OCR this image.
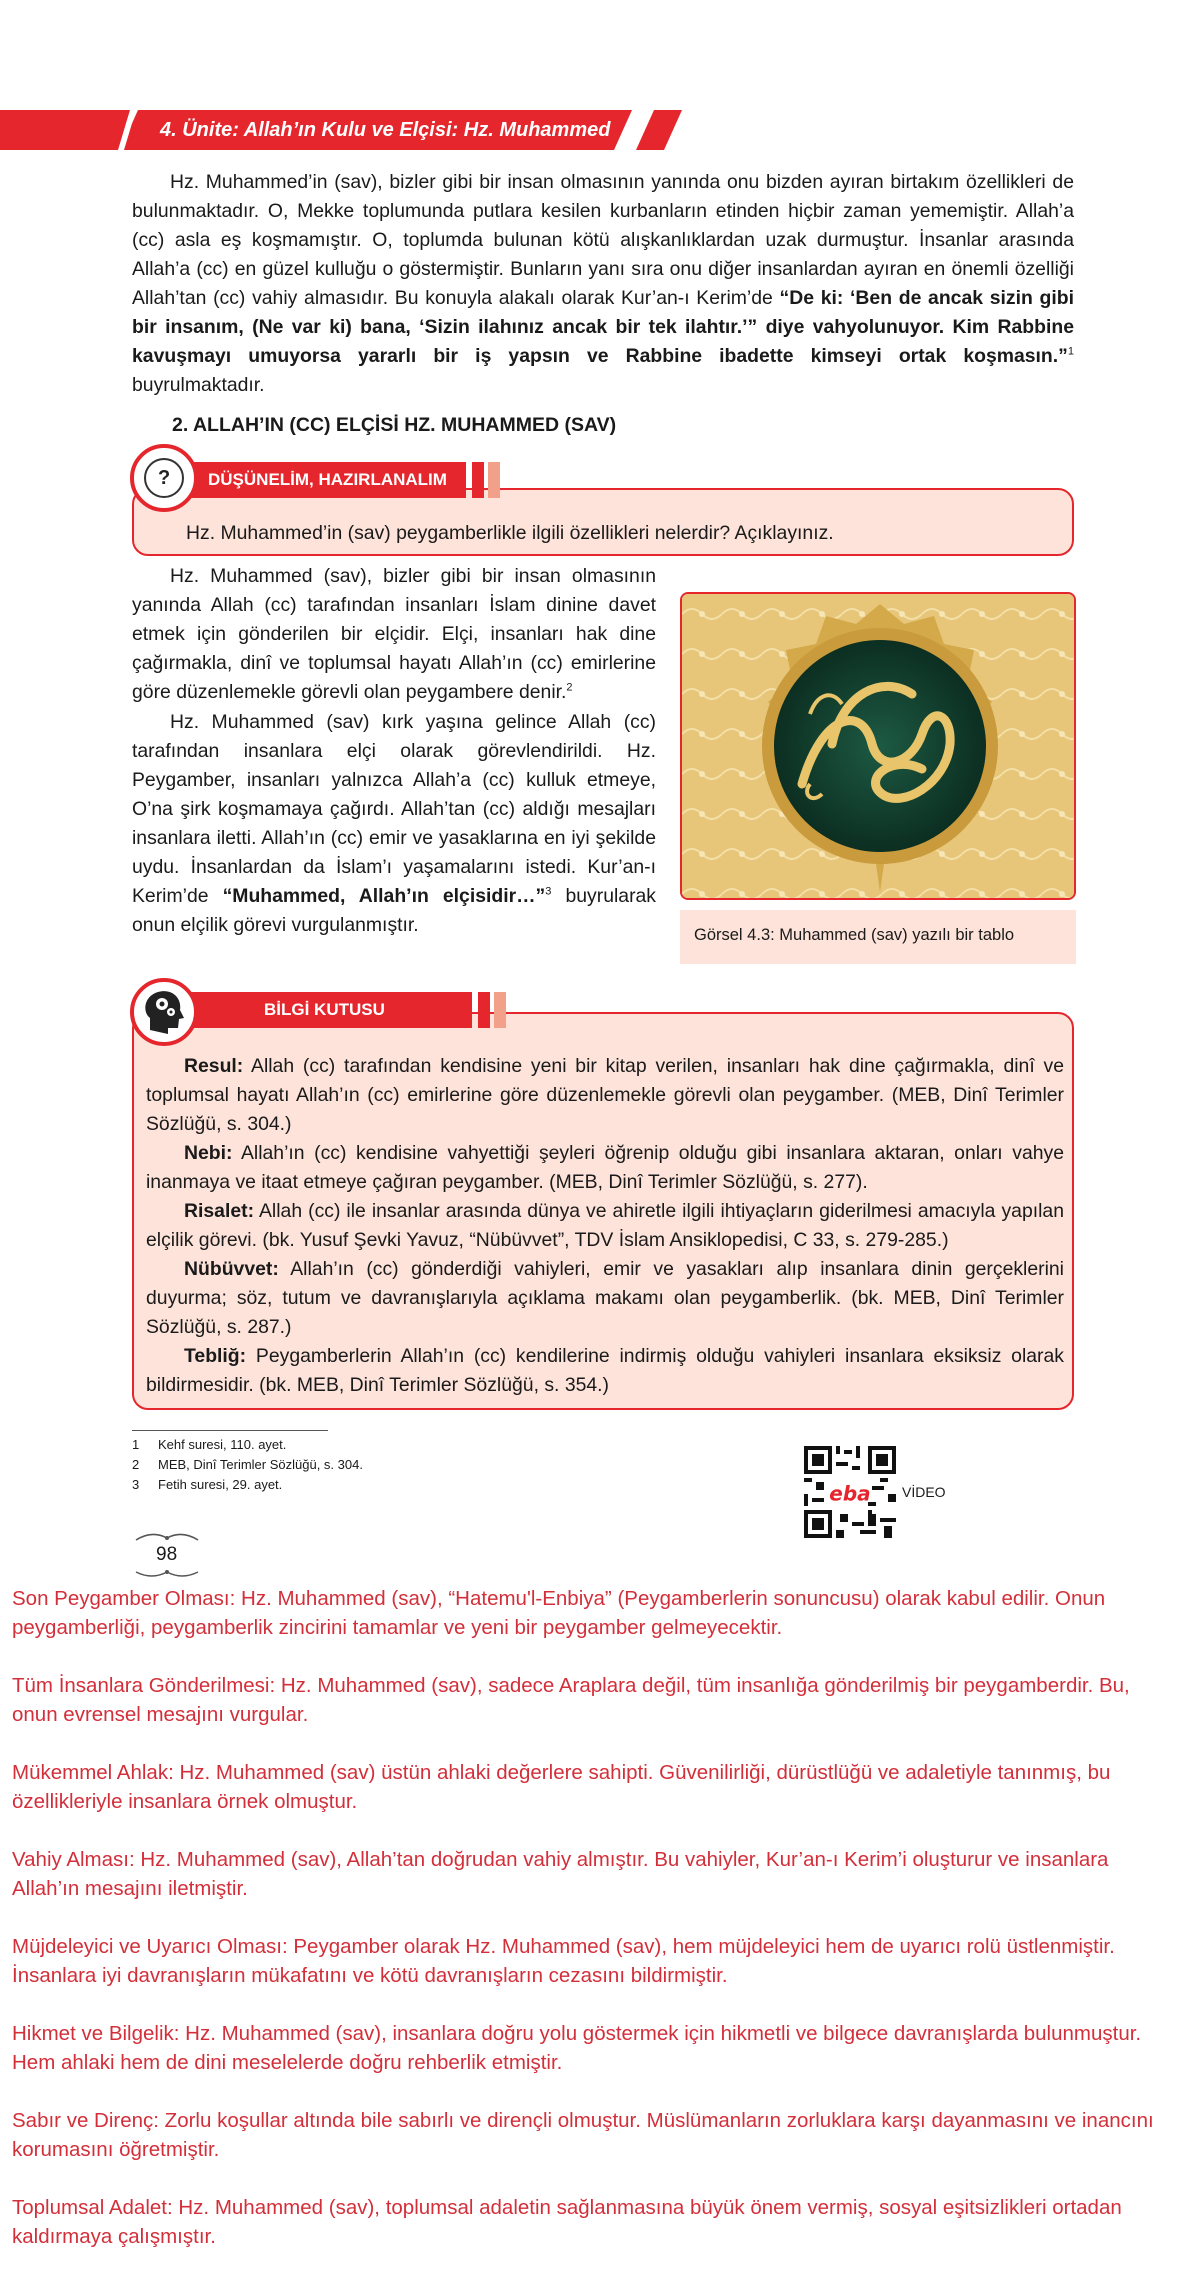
4. Ünite: Allah’ın Kulu ve Elçisi: Hz. Muhammed
Hz. Muhammed’in (sav), bizler gibi bir insan olmasının yanında onu bizden ayıran birtakım özellikleri de bulunmaktadır. O, Mekke toplumunda putlara kesilen kurbanların etinden hiçbir zaman yememiştir. Allah’a (cc) asla eş koşmamıştır. O, toplumda bulunan kötü alışkanlıklardan uzak durmuştur. İnsanlar arasında Allah’a (cc) en güzel kulluğu o göstermiştir. Bunların yanı sıra onu diğer insanlardan ayıran en önemli özelliği Allah’tan (cc) vahiy almasıdır. Bu konuyla alakalı olarak Kur’an-ı Kerim’de “De ki: ‘Ben de ancak sizin gibi bir insanım, (Ne var ki) bana, ‘Sizin ilahınız ancak bir tek ilahtır.’” diye vahyolunuyor. Kim Rabbine kavuşmayı umuyorsa yararlı bir iş yapsın ve Rabbine ibadette kimseyi ortak koşmasın.”$^1$ buyrulmaktadır.
2. ALLAH’IN (CC) ELÇİSİ HZ. MUHAMMED (SAV)
DÜŞÜNELİM, HAZIRLANALIM
?
Hz. Muhammed’in (sav) peygamberlikle ilgili özellikleri nelerdir? Açıklayınız.
Hz. Muhammed (sav), bizler gibi bir insan olmasının yanında Allah (cc) tarafından insanları İslam dinine davet etmek için gönderilen bir elçidir. Elçi, insanları hak dine çağırmakla, dinî ve toplumsal hayatı Allah’ın (cc) emirlerine göre düzenlemekle görevli olan peygambere denir.$^2$
Hz. Muhammed (sav) kırk yaşına gelince Allah (cc) tarafından insanlara elçi olarak görevlendirildi. Hz. Peygamber, insanları yalnızca Allah’a (cc) kulluk etmeye, O’na şirk koşmamaya çağırdı. Allah’tan (cc) aldığı mesajları insanlara iletti. Allah’ın (cc) emir ve yasaklarına en iyi şekilde uydu. İnsanlardan da İslam’ı yaşamalarını istedi. Kur’an-ı Kerim’de “Muhammed, Allah’ın elçisidir…”$^3$ buyrularak onun elçilik görevi vurgulanmıştır.	Görsel 4.3: Muhammed (sav) yazılı bir tablo
BİLGİ KUTUSU
Resul: Allah (cc) tarafından kendisine yeni bir kitap verilen, insanları hak dine çağırmakla, dinî ve toplumsal hayatı Allah’ın (cc) emirlerine göre düzenlemekle görevli olan peygamber. (MEB, Dinî Terimler Sözlüğü, s. 304.)
Nebi: Allah’ın (cc) kendisine vahyettiği şeyleri öğrenip olduğu gibi insanlara aktaran, onları vahye inanmaya ve itaat etmeye çağıran peygamber. (MEB, Dinî Terimler Sözlüğü, s. 277).
Risalet: Allah (cc) ile insanlar arasında dünya ve ahiretle ilgili ihtiyaçların giderilmesi amacıyla yapılan elçilik görevi. (bk. Yusuf Şevki Yavuz, “Nübüvvet”, TDV İslam Ansiklopedisi, C 33, s. 279-285.)
Nübüvvet: Allah’ın (cc) gönderdiği vahiyleri, emir ve yasakları alıp insanlara dinin gerçeklerini duyurma; söz, tutum ve davranışlarıyla açıklama makamı olan peygamberlik. (bk. MEB, Dinî Terimler Sözlüğü, s. 287.)
Tebliğ: Peygamberlerin Allah’ın (cc) kendilerine indirmiş olduğu vahiyleri insanlara eksiksiz olarak bildirmesidir. (bk. MEB, Dinî Terimler Sözlüğü, s. 354.)
1 Kehf suresi, 110. ayet.
2 MEB, Dinî Terimler Sözlüğü, s. 304.
3 Fetih suresi, 29. ayet.	eba VİDEO
98
Son Peygamber Olması: Hz. Muhammed (sav), “Hatemu'l-Enbiya” (Peygamberlerin sonuncusu) olarak kabul edilir. Onun peygamberliği, peygamberlik zincirini tamamlar ve yeni bir peygamber gelmeyecektir.
Tüm İnsanlara Gönderilmesi: Hz. Muhammed (sav), sadece Araplara değil, tüm insanlığa gönderilmiş bir peygamberdir. Bu, onun evrensel mesajını vurgular.
Mükemmel Ahlak: Hz. Muhammed (sav) üstün ahlaki değerlere sahipti. Güvenilirliği, dürüstlüğü ve adaletiyle tanınmış, bu özellikleriyle insanlara örnek olmuştur.
Vahiy Alması: Hz. Muhammed (sav), Allah’tan doğrudan vahiy almıştır. Bu vahiyler, Kur’an-ı Kerim’i oluşturur ve insanlara Allah’ın mesajını iletmiştir.
Müjdeleyici ve Uyarıcı Olması: Peygamber olarak Hz. Muhammed (sav), hem müjdeleyici hem de uyarıcı rolü üstlenmiştir. İnsanlara iyi davranışların mükafatını ve kötü davranışların cezasını bildirmiştir.
Hikmet ve Bilgelik: Hz. Muhammed (sav), insanlara doğru yolu göstermek için hikmetli ve bilgece davranışlarda bulunmuştur. Hem ahlaki hem de dini meselelerde doğru rehberlik etmiştir.
Sabır ve Direnç: Zorlu koşullar altında bile sabırlı ve dirençli olmuştur. Müslümanların zorluklara karşı dayanmasını ve inancını korumasını öğretmiştir.
Toplumsal Adalet: Hz. Muhammed (sav), toplumsal adaletin sağlanmasına büyük önem vermiş, sosyal eşitsizlikleri ortadan kaldırmaya çalışmıştır.
